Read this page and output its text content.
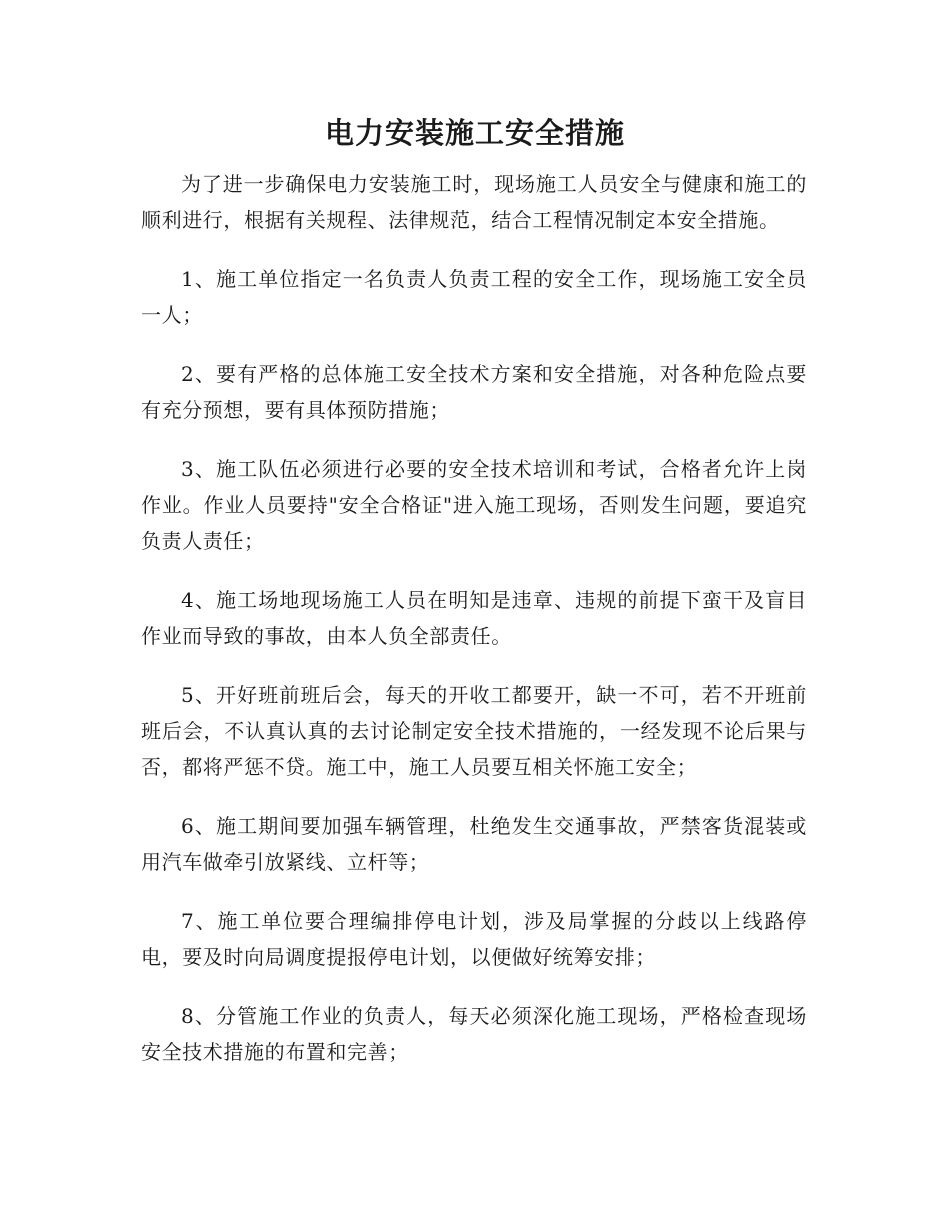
电力安装施工安全措施

为了进一步确保电力安装施工时，现场施工人员安全与健康和施工的顺利进行，根据有关规程、法律规范，结合工程情况制定本安全措施。

1、施工单位指定一名负责人负责工程的安全工作，现场施工安全员一人；

2、要有严格的总体施工安全技术方案和安全措施，对各种危险点要有充分预想，要有具体预防措施；

3、施工队伍必须进行必要的安全技术培训和考试，合格者允许上岗作业。作业人员要持"安全合格证"进入施工现场，否则发生问题，要追究负责人责任；

4、施工场地现场施工人员在明知是违章、违规的前提下蛮干及盲目作业而导致的事故，由本人负全部责任。

5、开好班前班后会，每天的开收工都要开，缺一不可，若不开班前班后会，不认真认真的去讨论制定安全技术措施的，一经发现不论后果与否，都将严惩不贷。施工中，施工人员要互相关怀施工安全；

6、施工期间要加强车辆管理，杜绝发生交通事故，严禁客货混装或用汽车做牵引放紧线、立杆等；

7、施工单位要合理编排停电计划，涉及局掌握的分歧以上线路停电，要及时向局调度提报停电计划，以便做好统筹安排；

8、分管施工作业的负责人，每天必须深化施工现场，严格检查现场安全技术措施的布置和完善；
